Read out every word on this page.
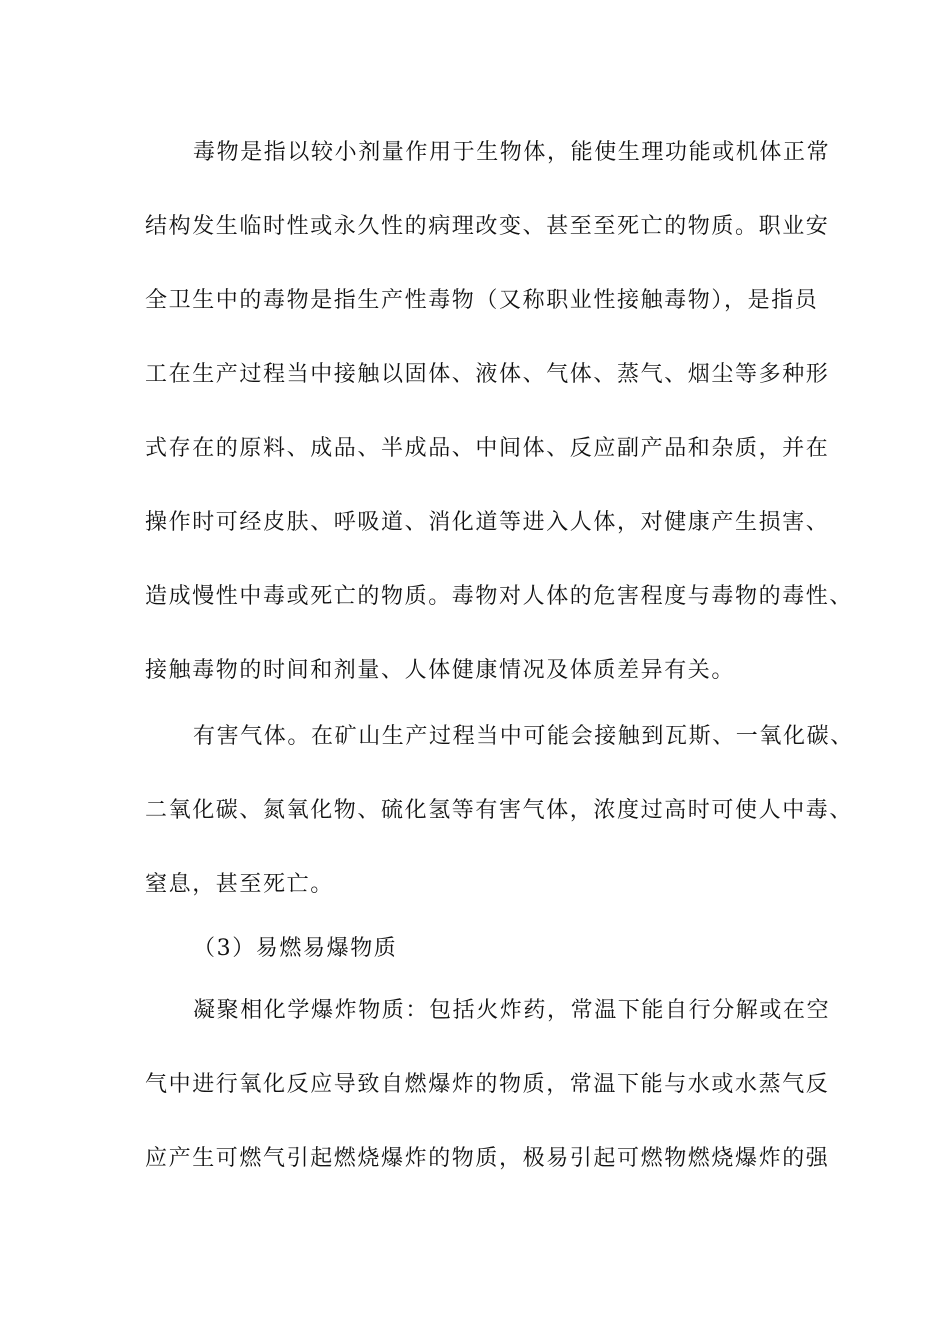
毒物是指以较小剂量作用于生物体，能使生理功能或机体正常
结构发生临时性或永久性的病理改变、甚至至死亡的物质。职业安
全卫生中的毒物是指生产性毒物（又称职业性接触毒物），是指员
工在生产过程当中接触以固体、液体、气体、蒸气、烟尘等多种形
式存在的原料、成品、半成品、中间体、反应副产品和杂质，并在
操作时可经皮肤、呼吸道、消化道等进入人体，对健康产生损害、
造成慢性中毒或死亡的物质。毒物对人体的危害程度与毒物的毒性、
接触毒物的时间和剂量、人体健康情况及体质差异有关。
有害气体。在矿山生产过程当中可能会接触到瓦斯、一氧化碳、
二氧化碳、氮氧化物、硫化氢等有害气体，浓度过高时可使人中毒、
窒息，甚至死亡。
（3）易燃易爆物质
凝聚相化学爆炸物质：包括火炸药，常温下能自行分解或在空
气中进行氧化反应导致自燃爆炸的物质，常温下能与水或水蒸气反
应产生可燃气引起燃烧爆炸的物质，极易引起可燃物燃烧爆炸的强
